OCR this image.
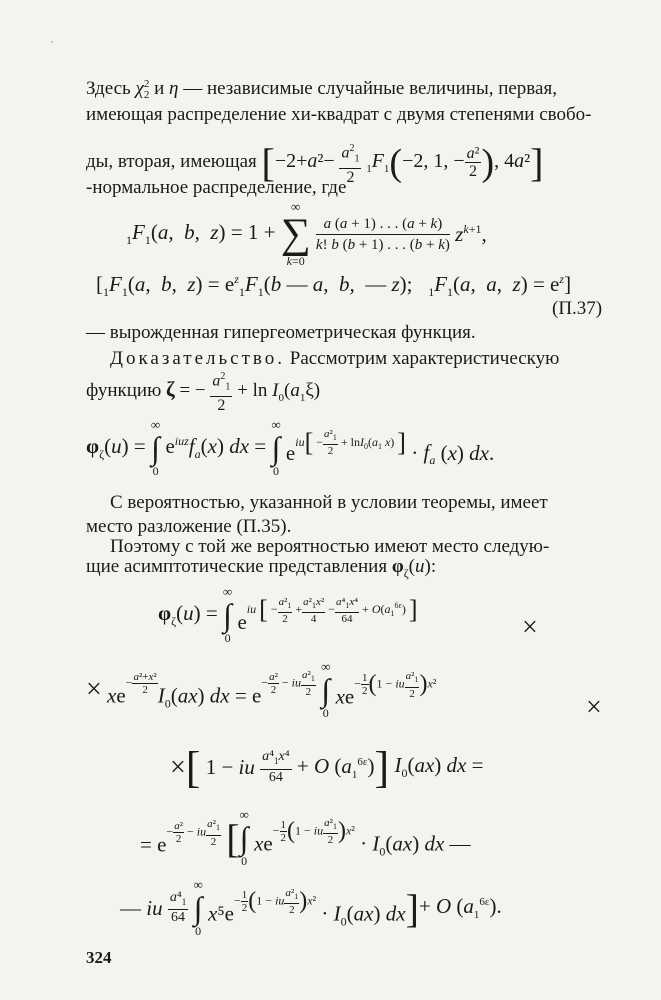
˙
Здесь χ 2
2 и η — независимые случайные величины, первая,
имеющая распределение хи-квадрат с двумя степенями свобо-
ды, вторая, имеющая [$-2+a^2- \frac{a^2_1}{2} _1F_1(-2$, 1, − $\frac{\text{a²}}{2}$ ), 4a²]
-нормальное распределение, где
$_1F_1(a$,  b,  z) = 1 +
∞
∑
k=0

$\frac{a (a + 1) . . . (a + k)}{k! b (b + 1) . . . (b + k)} z^{k+1}$,
[$_1F_1(a$,  b,  $z) = e^z_1F_1(b$ — a,  b,  — z);   $_1F_1(a$,  a,  $z) = e^z$]
(П.37)
— вырожденная гипергеометрическая функция.
Доказательство. Рассмотрим характеристическую
функцию ζ = − $\frac{a^2_1}{2} + \ln I_0(a_1\xi)$
$\varphi_\zeta(u)$ =
∞
∫
0
$e^{iuz}f_a(x)$ dx =
∞
∫
0
$eiu[ - \frac{a^2_1}{2} + \ln I_0(a_1$ x) ] · $f_a$ (x) dx.
С вероятностью, указанной в условии теоремы, имеет
место разложение (П.35).
Поэтому с той же вероятностью имеют место следую-
щие асимптотические представления $\varphi_\zeta(u)$:
$\varphi_\zeta(u)$ =
∞
∫
0
eiu [ − $\frac{a^2_1}{2} + \frac{a^2_1x^2}{4} - \frac{a^4_1x^4}{64} + O(a_1^{6\varepsilon})$ ]
×
× $xe- \frac{\text{a²+x²}}{2} I_0(ax)$ dx = $e- \frac{\text{a²}}{2}$ − iu $\frac{a^2_1}{2}$

∞
∫
0
$xe- \frac{1}{2} (1$ − iu $\frac{a^2_1}{2} )x^2$
×
×[ 1 − iu $\frac{a^4_1x^4}{64} + O$ $(a_1^{6\varepsilon})$] $I_0(ax)$ dx =
= $e- \frac{\text{a²}}{2}$ − iu $\frac{a^2_1}{2}$ [
∞
∫
0
$xe- \frac{1}{2} (1$ − iu $\frac{a^2_1}{2} )x^2 \cdot I_0(ax)$ dx —
— iu $\frac{a^4_1}{64}$

∞
∫
0
$x^5e- \frac{1}{2} (1$ − iu $\frac{a^2_1}{2} )x^2 \cdot I_0(ax)$ dx]+ O $(a_1^{6\varepsilon})$.
324
